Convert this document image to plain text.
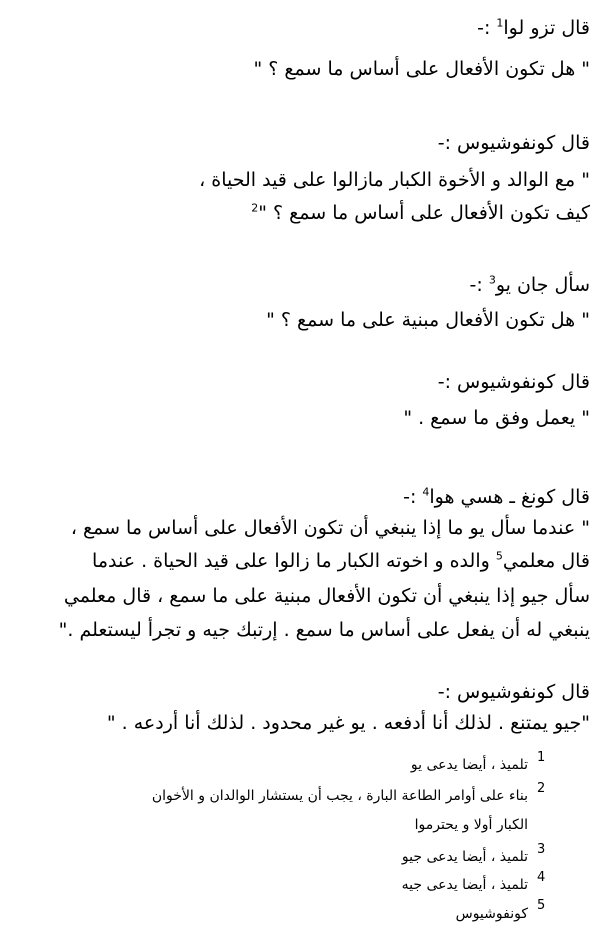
قال تزو لوا$^1$ :-
" هل تكون الأفعال على أساس ما سمع ؟ "
قال كونفوشيوس :-
" مع الوالد و الأخوة الكبار مازالوا على قيد الحياة ،
كيف تكون الأفعال على أساس ما سمع ؟ "$^2$
سأل جان يو$^3$ :-
" هل تكون الأفعال مبنية على ما سمع ؟ "
قال كونفوشيوس :-
" يعمل وفق ما سمع . "
قال كونغ ـ هسي هوا$^4$ :-
" عندما سأل يو ما إذا ينبغي أن تكون الأفعال على أساس ما سمع ،
قال معلمي$^5$ والده و اخوته الكبار ما زالوا على قيد الحياة . عندما
سأل جيو إذا ينبغي أن تكون الأفعال مبنية على ما سمع ، قال معلمي
ينبغي له أن يفعل على أساس ما سمع . إرتبك جيه و تجرأ ليستعلم ."
قال كونفوشيوس :-
"جيو يمتنع . لذلك أنا أدفعه . يو غير محدود . لذلك أنا أردعه . "
1
تلميذ ، أيضا يدعى يو
2
بناء على أوامر الطاعة البارة ، يجب أن يستشار الوالدان و الأخوان
الكبار أولا و يحترموا
3
تلميذ ، أيضا يدعى جيو
4
تلميذ ، أيضا يدعى جيه
5
كونفوشيوس
